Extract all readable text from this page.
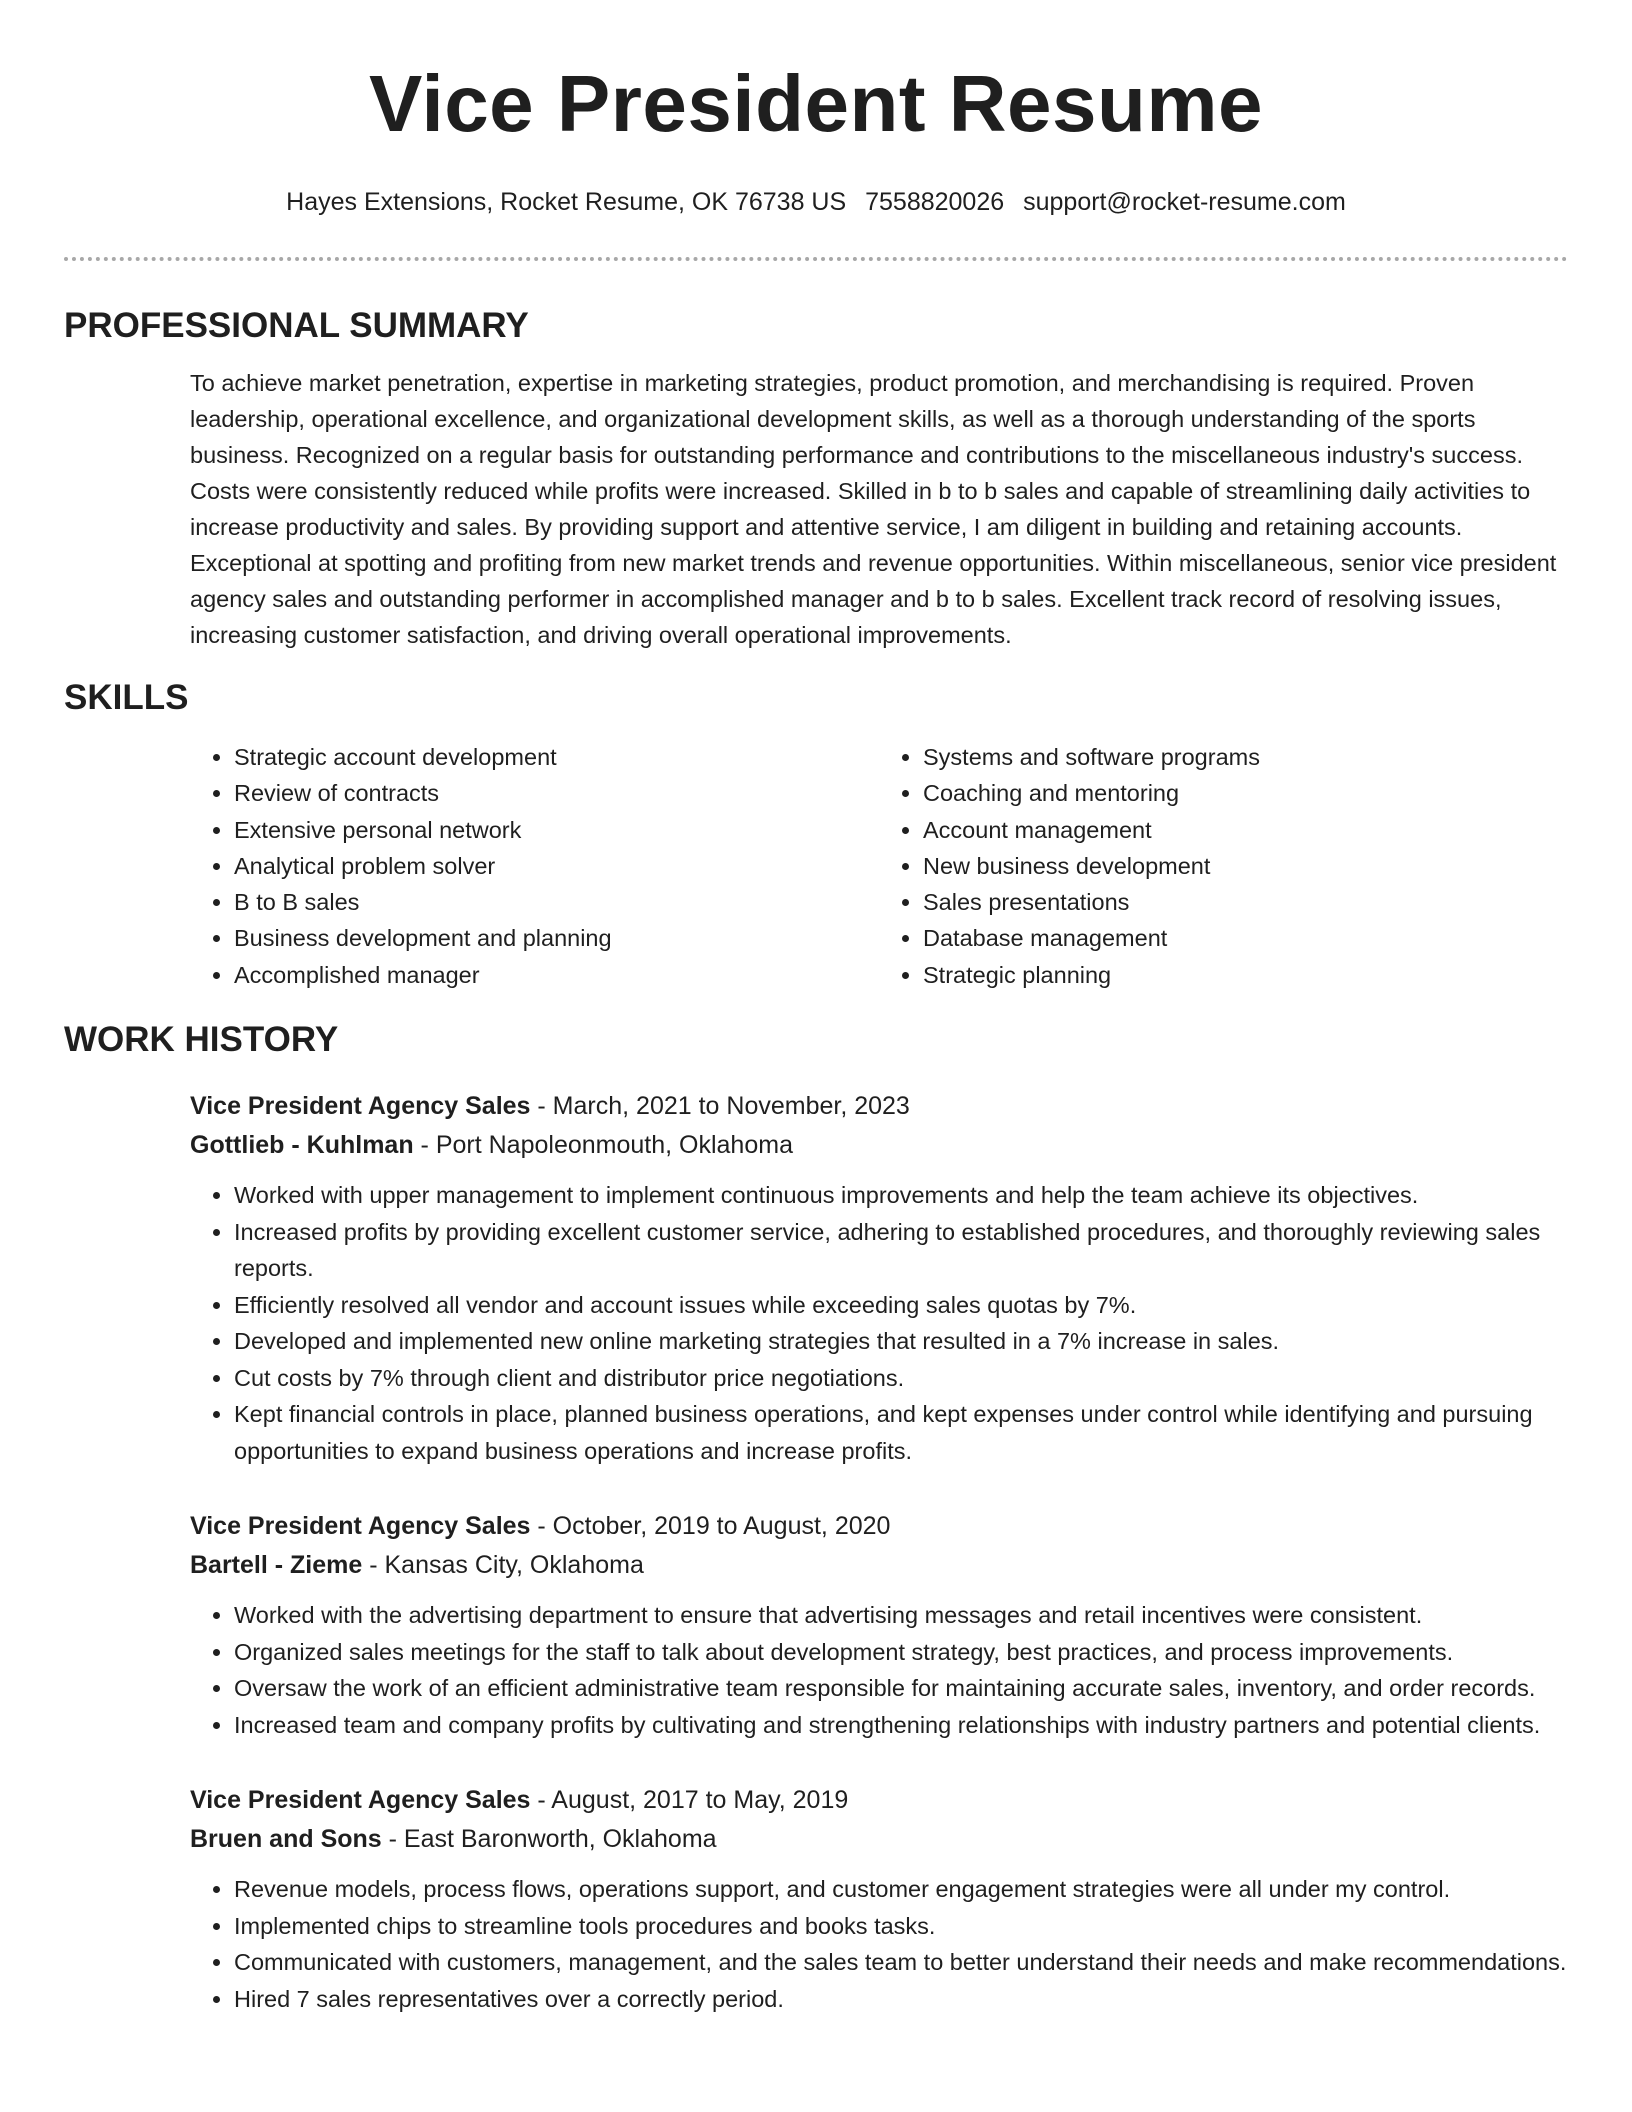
Vice President Resume
Hayes Extensions, Rocket Resume, OK 76738 US 7558820026 support@rocket-resume.com
PROFESSIONAL SUMMARY

To achieve market penetration, expertise in marketing strategies, product promotion, and merchandising is required. Proven leadership, operational excellence, and organizational development skills, as well as a thorough understanding of the sports business. Recognized on a regular basis for outstanding performance and contributions to the miscellaneous industry's success. Costs were consistently reduced while profits were increased. Skilled in b to b sales and capable of streamlining daily activities to increase productivity and sales. By providing support and attentive service, I am diligent in building and retaining accounts. Exceptional at spotting and profiting from new market trends and revenue opportunities. Within miscellaneous, senior vice president agency sales and outstanding performer in accomplished manager and b to b sales. Excellent track record of resolving issues, increasing customer satisfaction, and driving overall operational improvements.

SKILLS
• Strategic account development
• Review of contracts
• Extensive personal network
• Analytical problem solver
• B to B sales
• Business development and planning
• Accomplished manager
• Systems and software programs
• Coaching and mentoring
• Account management
• New business development
• Sales presentations
• Database management
• Strategic planning
WORK HISTORY
Vice President Agency Sales - March, 2021 to November, 2023
Gottlieb - Kuhlman - Port Napoleonmouth, Oklahoma
• Worked with upper management to implement continuous improvements and help the team achieve its objectives.
• Increased profits by providing excellent customer service, adhering to established procedures, and thoroughly reviewing sales reports.
• Efficiently resolved all vendor and account issues while exceeding sales quotas by 7%.
• Developed and implemented new online marketing strategies that resulted in a 7% increase in sales.
• Cut costs by 7% through client and distributor price negotiations.
• Kept financial controls in place, planned business operations, and kept expenses under control while identifying and pursuing opportunities to expand business operations and increase profits.
Vice President Agency Sales - October, 2019 to August, 2020
Bartell - Zieme - Kansas City, Oklahoma
• Worked with the advertising department to ensure that advertising messages and retail incentives were consistent.
• Organized sales meetings for the staff to talk about development strategy, best practices, and process improvements.
• Oversaw the work of an efficient administrative team responsible for maintaining accurate sales, inventory, and order records.
• Increased team and company profits by cultivating and strengthening relationships with industry partners and potential clients.
Vice President Agency Sales - August, 2017 to May, 2019
Bruen and Sons - East Baronworth, Oklahoma
• Revenue models, process flows, operations support, and customer engagement strategies were all under my control.
• Implemented chips to streamline tools procedures and books tasks.
• Communicated with customers, management, and the sales team to better understand their needs and make recommendations.
• Hired 7 sales representatives over a correctly period.
